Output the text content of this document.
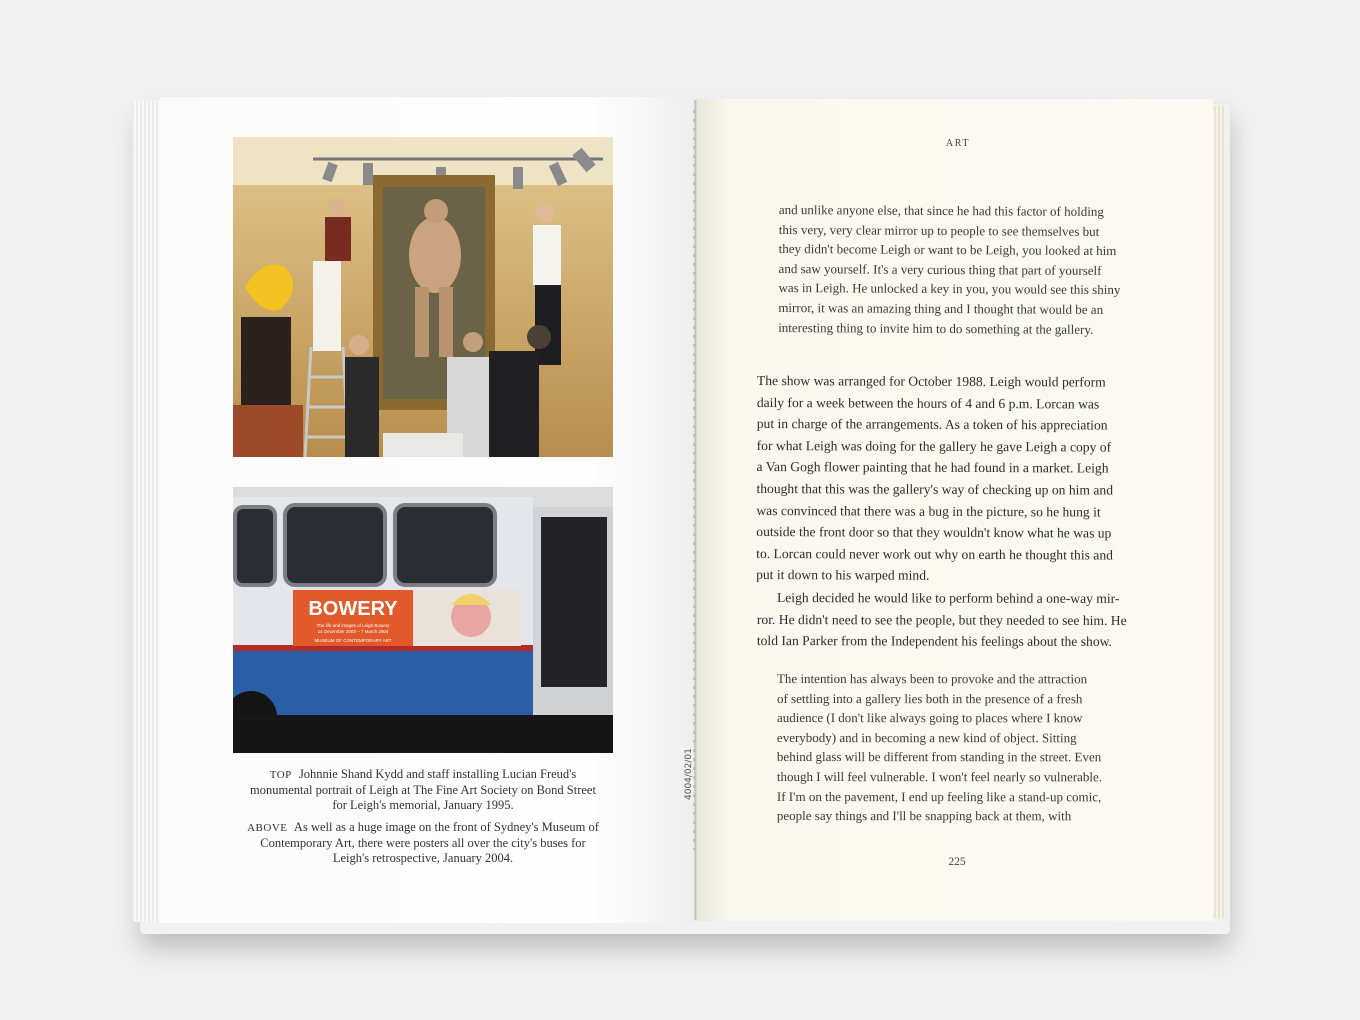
BOWERY
The life and images of Leigh Bowery
14 December 2003 – 7 March 2004
MUSEUM OF CONTEMPORARY ART
TOP Johnnie Shand Kydd and staff installing Lucian Freud's monumental portrait of Leigh at The Fine Art Society on Bond Street for Leigh's memorial, January 1995.
ABOVE As well as a huge image on the front of Sydney's Museum of Contemporary Art, there were posters all over the city's buses for Leigh's retrospective, January 2004.
4004/02/01
ART
and unlike anyone else, that since he had this factor of holding
this very, very clear mirror up to people to see themselves but
they didn't become Leigh or want to be Leigh, you looked at him
and saw yourself. It's a very curious thing that part of yourself
was in Leigh. He unlocked a key in you, you would see this shiny
mirror, it was an amazing thing and I thought that would be an
interesting thing to invite him to do something at the gallery.
The show was arranged for October 1988. Leigh would perform
daily for a week between the hours of 4 and 6 p.m. Lorcan was
put in charge of the arrangements. As a token of his appreciation
for what Leigh was doing for the gallery he gave Leigh a copy of
a Van Gogh flower painting that he had found in a market. Leigh
thought that this was the gallery's way of checking up on him and
was convinced that there was a bug in the picture, so he hung it
outside the front door so that they wouldn't know what he was up
to. Lorcan could never work out why on earth he thought this and
put it down to his warped mind.
Leigh decided he would like to perform behind a one-way mir-
ror. He didn't need to see the people, but they needed to see him. He
told Ian Parker from the Independent his feelings about the show.
The intention has always been to provoke and the attraction
of settling into a gallery lies both in the presence of a fresh
audience (I don't like always going to places where I know
everybody) and in becoming a new kind of object. Sitting
behind glass will be different from standing in the street. Even
though I will feel vulnerable. I won't feel nearly so vulnerable.
If I'm on the pavement, I end up feeling like a stand-up comic,
people say things and I'll be snapping back at them, with
225
